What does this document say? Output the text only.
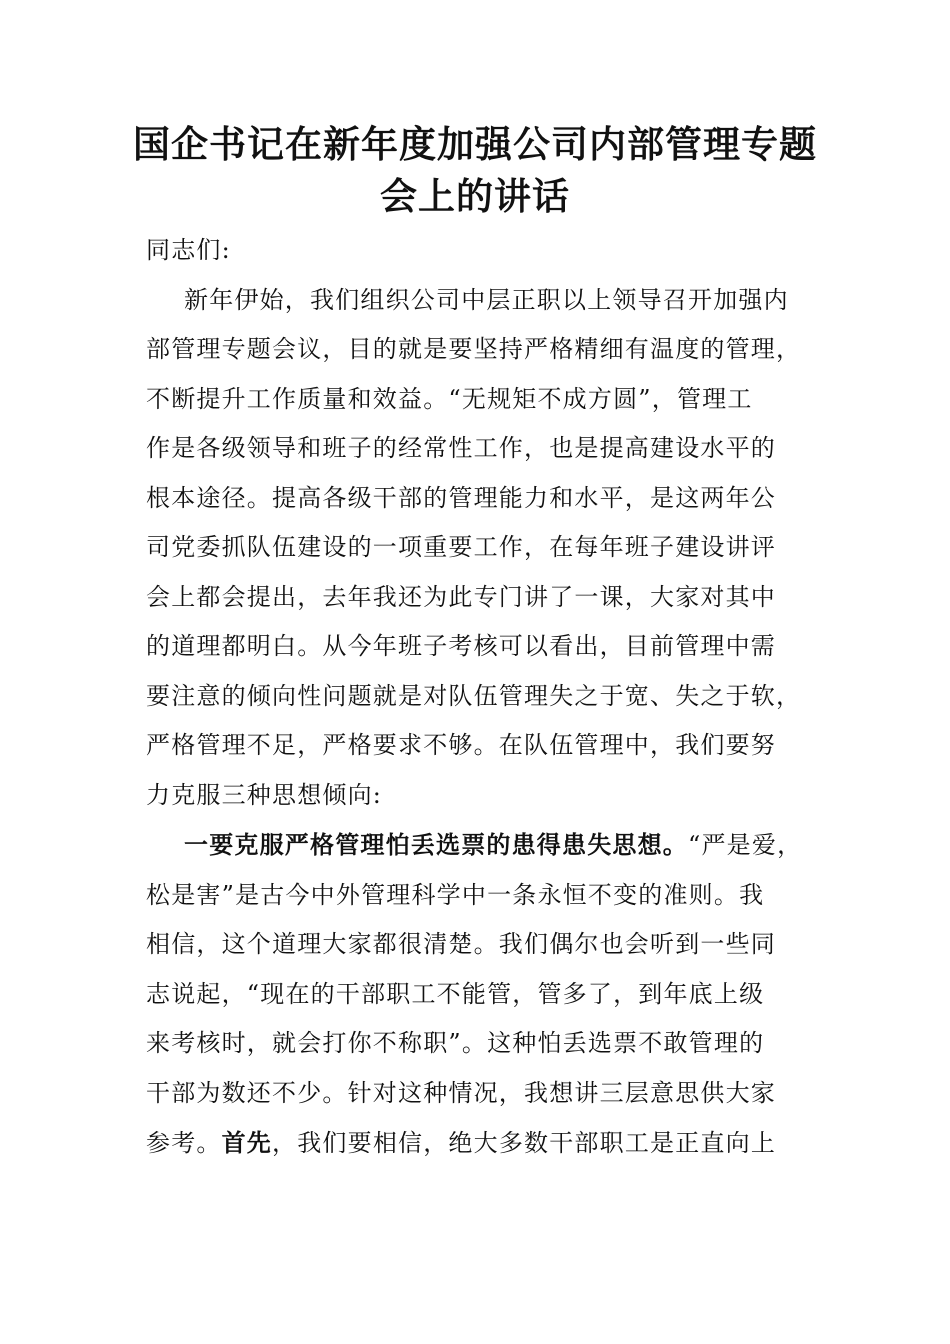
国企书记在新年度加强公司内部管理专题
会上的讲话

同志们:

新年伊始，我们组织公司中层正职以上领导召开加强内
部管理专题会议，目的就是要坚持严格精细有温度的管理，
不断提升工作质量和效益。“无规矩不成方圆”，管理工
作是各级领导和班子的经常性工作，也是提高建设水平的
根本途径。提高各级干部的管理能力和水平，是这两年公
司党委抓队伍建设的一项重要工作，在每年班子建设讲评
会上都会提出，去年我还为此专门讲了一课，大家对其中
的道理都明白。从今年班子考核可以看出，目前管理中需
要注意的倾向性问题就是对队伍管理失之于宽、失之于软，
严格管理不足，严格要求不够。在队伍管理中，我们要努
力克服三种思想倾向:
一要克服严格管理怕丢选票的患得患失思想。“严是爱，
松是害”是古今中外管理科学中一条永恒不变的准则。我
相信，这个道理大家都很清楚。我们偶尔也会听到一些同
志说起，“现在的干部职工不能管，管多了，到年底上级
来考核时，就会打你不称职”。这种怕丢选票不敢管理的
干部为数还不少。针对这种情况，我想讲三层意思供大家
参考。首先，我们要相信，绝大多数干部职工是正直向上
